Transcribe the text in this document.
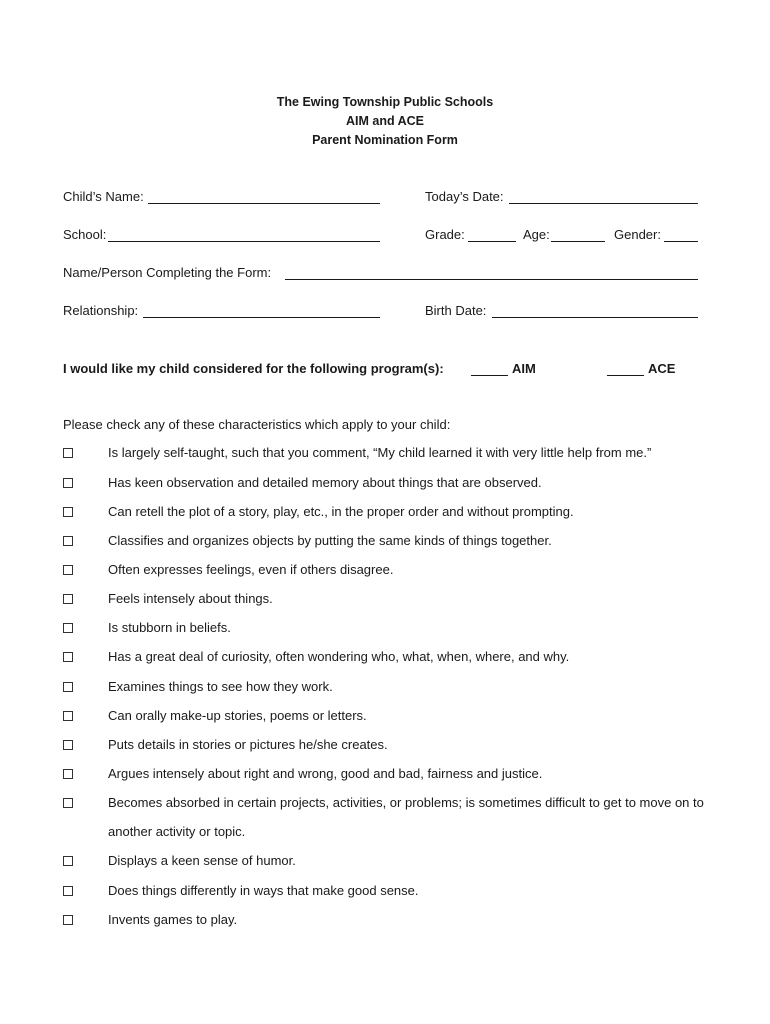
The Ewing Township Public Schools
AIM and ACE
Parent Nomination Form
Child’s Name:	Today’s Date:
School:	Grade:	Age:	Gender:
Name/Person Completing the Form:
Relationship:	Birth Date:
I would like my child considered for the following program(s):	AIM	ACE
Please check any of these characteristics which apply to your child:
Is largely self-taught, such that you comment, “My child learned it with very little help from me.”
Has keen observation and detailed memory about things that are observed.
Can retell the plot of a story, play, etc., in the proper order and without prompting.
Classifies and organizes objects by putting the same kinds of things together.
Often expresses feelings, even if others disagree.
Feels intensely about things.
Is stubborn in beliefs.
Has a great deal of curiosity, often wondering who, what, when, where, and why.
Examines things to see how they work.
Can orally make-up stories, poems or letters.
Puts details in stories or pictures he/she creates.
Argues intensely about right and wrong, good and bad, fairness and justice.
Becomes absorbed in certain projects, activities, or problems; is sometimes difficult to get to move on to another activity or topic.
Displays a keen sense of humor.
Does things differently in ways that make good sense.
Invents games to play.
